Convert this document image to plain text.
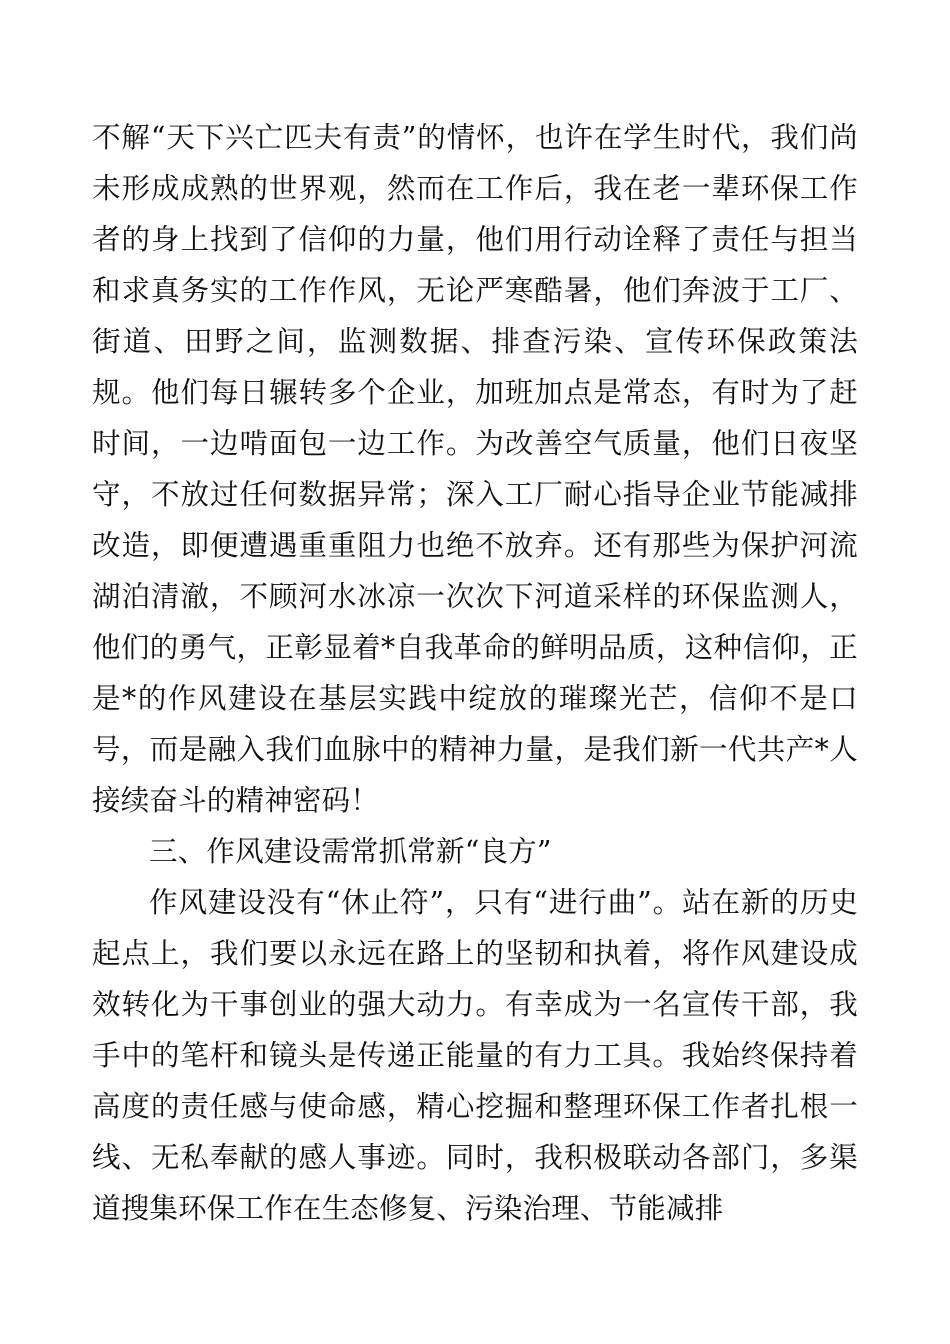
不解“天下兴亡匹夫有责”的情怀，也许在学生时代，我们尚未形成成熟的世界观，然而在工作后，我在老一辈环保工作者的身上找到了信仰的力量，他们用行动诠释了责任与担当和求真务实的工作作风，无论严寒酷暑，他们奔波于工厂、街道、田野之间，监测数据、排查污染、宣传环保政策法规。他们每日辗转多个企业，加班加点是常态，有时为了赶时间，一边啃面包一边工作。为改善空气质量，他们日夜坚守，不放过任何数据异常；深入工厂耐心指导企业节能减排改造，即便遭遇重重阻力也绝不放弃。还有那些为保护河流湖泊清澈，不顾河水冰凉一次次下河道采样的环保监测人，他们的勇气，正彰显着*自我革命的鲜明品质，这种信仰，正是*的作风建设在基层实践中绽放的璀璨光芒，信仰不是口号，而是融入我们血脉中的精神力量，是我们新一代共产*人接续奋斗的精神密码！

三、作风建设需常抓常新“良方”

作风建设没有“休止符”，只有“进行曲”。站在新的历史起点上，我们要以永远在路上的坚韧和执着，将作风建设成效转化为干事创业的强大动力。有幸成为一名宣传干部，我手中的笔杆和镜头是传递正能量的有力工具。我始终保持着高度的责任感与使命感，精心挖掘和整理环保工作者扎根一线、无私奉献的感人事迹。同时，我积极联动各部门，多渠道搜集环保工作在生态修复、污染治理、节能减排
